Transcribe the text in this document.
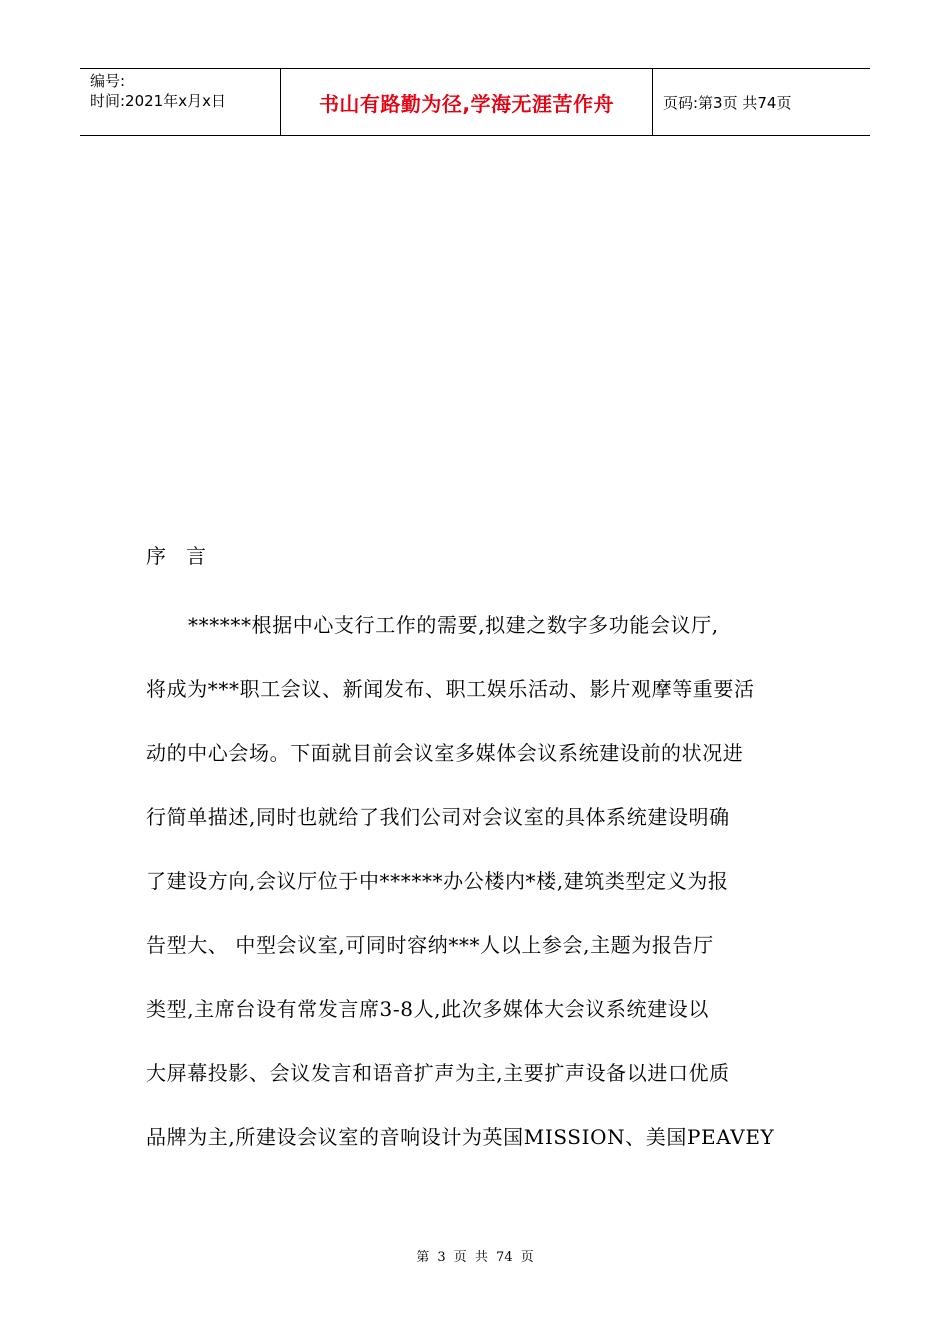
编号:
时间:2021年x月x日	书山有路勤为径,学海无涯苦作舟	页码:第3页 共74页
序言
******根据中心支行工作的需要,拟建之数字多功能会议厅,
将成为***职工会议、新闻发布、职工娱乐活动、影片观摩等重要活
动的中心会场。下面就目前会议室多媒体会议系统建设前的状况进
行简单描述,同时也就给了我们公司对会议室的具体系统建设明确
了建设方向,会议厅位于中******办公楼内*楼,建筑类型定义为报
告型大、 中型会议室,可同时容纳***人以上参会,主题为报告厅
类型,主席台设有常发言席3-8人,此次多媒体大会议系统建设以
大屏幕投影、会议发言和语音扩声为主,主要扩声设备以进口优质
品牌为主,所建设会议室的音响设计为英国MISSION、美国PEAVEY
第 3 页 共 74 页
